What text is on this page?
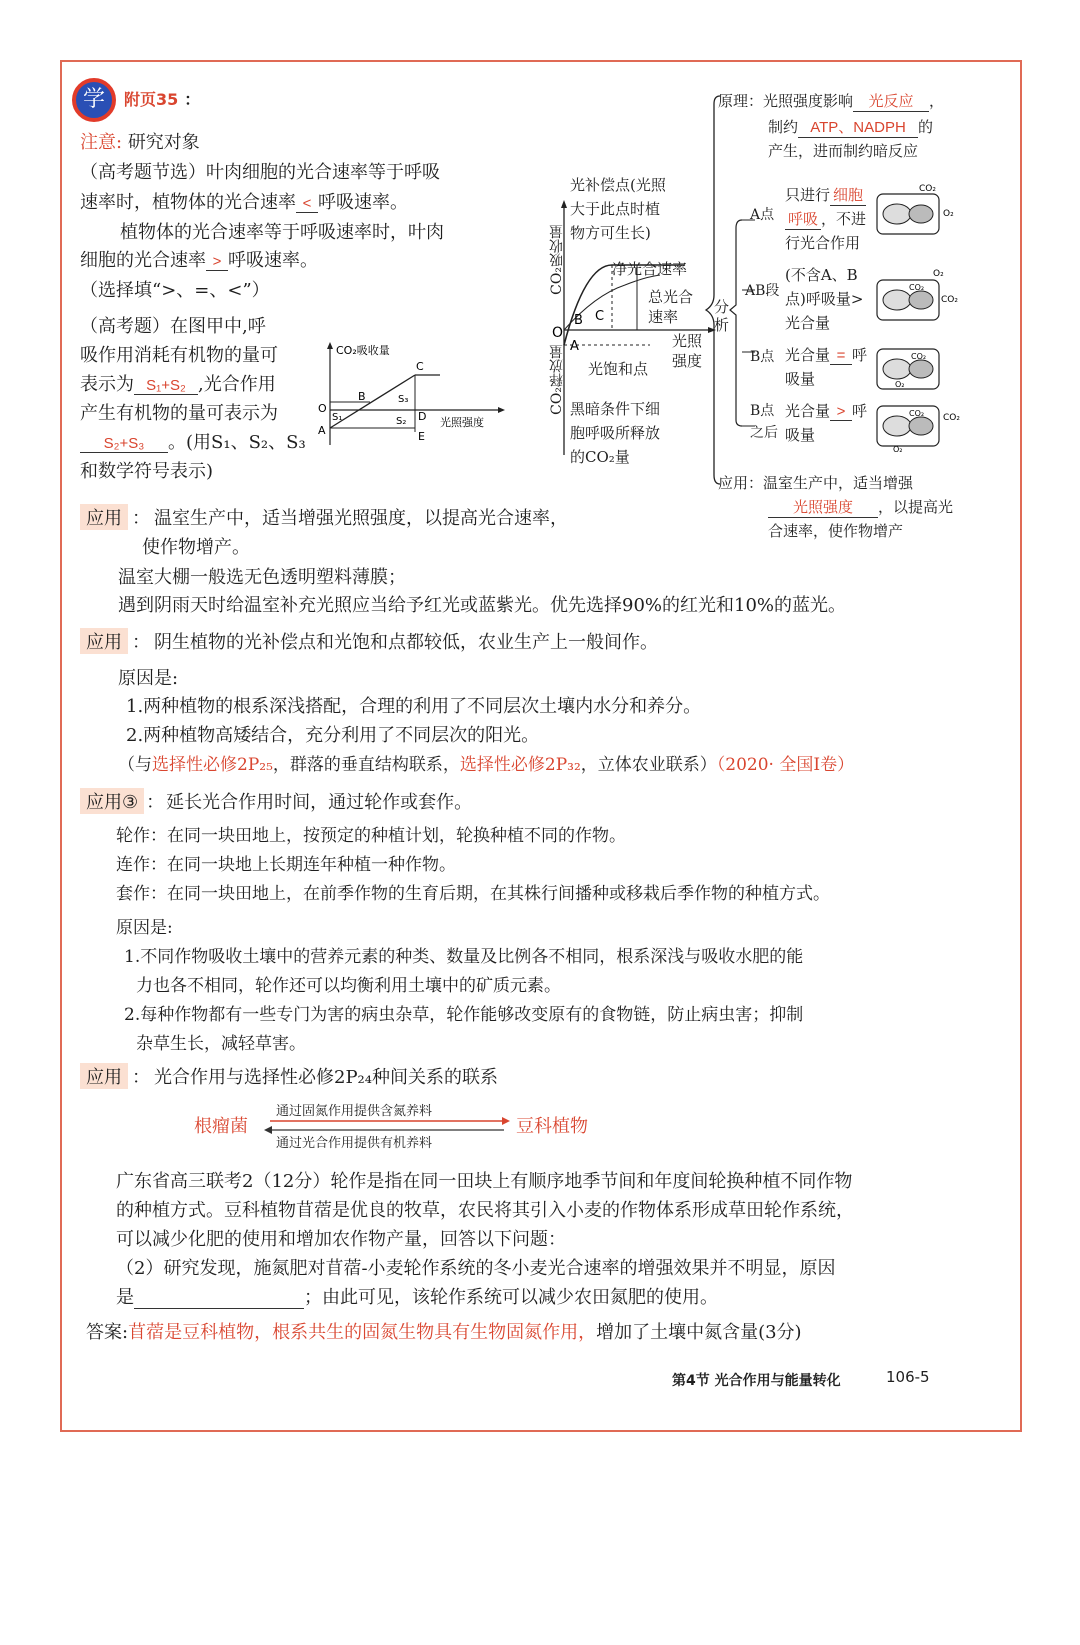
学	附页35 ：
注意: 研究对象
（高考题节选）叶肉细胞的光合速率等于呼吸
速率时，植物体的光合速率 < 呼吸速率。
植物体的光合速率等于呼吸速率时，叶肉
细胞的光合速率 > 呼吸速率。
（选择填“>、=、<”）
（高考题）在图甲中,呼
吸作用消耗有机物的量可
表示为 S₁+S₂ ,光合作用
产生有机物的量可表示为
S₂+S₃ 。(用S₁、S₂、S₃
和数学符号表示)
CO₂吸收量
光照强度
C
B
O
A
D
E
S₁	S₂
S₃
O
A
B C
CO₂吸收量
CO₂释放量
光补偿点(光照
大于此点时植
物方可生长)
净光合速率
总光合
速率
光照
强度
光饱和点
黑暗条件下细
胞呼吸所释放
的CO₂量
原理：光照强度影响 光反应 ，
制约 ATP、NADPH 的
产生，进而制约暗反应
分析
A点
只进行 细胞
呼吸 ，不进
行光合作用
AB段
(不含A、B
点)呼吸量>
光合量
B点 光合量 = 呼
吸量
B点
之后
光合量 > 呼
吸量
CO₂
O₂
CO₂
O₂
CO₂
CO₂
O₂
CO₂ CO₂
O₂
应用：温室生产中，适当增强
光照强度 ，以提高光
合速率，使作物增产
应用 ： 温室生产中，适当增强光照强度，以提高光合速率，
使作物增产。
温室大棚一般选无色透明塑料薄膜；
遇到阴雨天时给温室补充光照应当给予红光或蓝紫光。优先选择90%的红光和10%的蓝光。
应用 ： 阴生植物的光补偿点和光饱和点都较低，农业生产上一般间作。
原因是:
1.两种植物的根系深浅搭配，合理的利用了不同层次土壤内水分和养分。
2.两种植物高矮结合，充分利用了不同层次的阳光。
（与选择性必修2P₂₅，群落的垂直结构联系，选择性必修2P₃₂，立体农业联系）（2020· 全国Ⅰ卷）
应用③ ： 延长光合作用时间，通过轮作或套作。
轮作：在同一块田地上，按预定的种植计划，轮换种植不同的作物。
连作：在同一块地上长期连年种植一种作物。
套作：在同一块田地上，在前季作物的生育后期，在其株行间播种或移栽后季作物的种植方式。
原因是:
1.不同作物吸收土壤中的营养元素的种类、数量及比例各不相同，根系深浅与吸收水肥的能
力也各不相同，轮作还可以均衡利用土壤中的矿质元素。
2.每种作物都有一些专门为害的病虫杂草，轮作能够改变原有的食物链，防止病虫害；抑制
杂草生长，减轻草害。
应用 ： 光合作用与选择性必修2P₂₄种间关系的联系
根瘤菌	豆科植物
通过固氮作用提供含氮养料
通过光合作用提供有机养料
广东省高三联考2（12分）轮作是指在同一田块上有顺序地季节间和年度间轮换种植不同作物
的种植方式。豆科植物苜蓿是优良的牧草，农民将其引入小麦的作物体系形成草田轮作系统，
可以减少化肥的使用和增加农作物产量，回答以下问题：
（2）研究发现，施氮肥对苜蓿-小麦轮作系统的冬小麦光合速率的增强效果并不明显，原因
是	；由此可见，该轮作系统可以减少农田氮肥的使用。
答案:苜蓿是豆科植物，根系共生的固氮生物具有生物固氮作用，增加了土壤中氮含量(3分)
第4节 光合作用与能量转化	106-5
